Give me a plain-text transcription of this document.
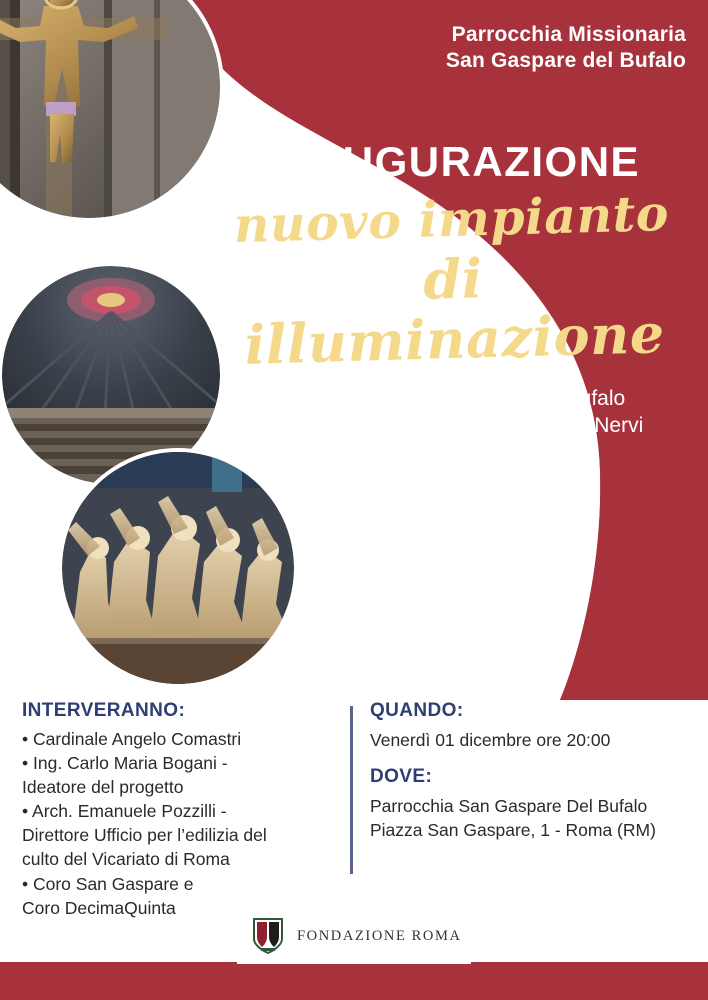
Parrocchia Missionaria
San Gaspare del Bufalo
INAUGURAZIONE
nuovo impianto
di illuminazione
della Chiesa San Gaspare del Bufalo
progettata dall’Ingegnere Pier Luigi Nervi
INTERVERANNO:
• Cardinale Angelo Comastri
• Ing. Carlo Maria Bogani -
Ideatore del progetto
• Arch. Emanuele Pozzilli -
Direttore Ufficio per l’edilizia del
culto del Vicariato di Roma
• Coro San Gaspare e
Coro DecimaQuinta
QUANDO:
Venerdì 01 dicembre ore 20:00
DOVE:
Parrocchia San Gaspare Del Bufalo
Piazza San Gaspare, 1 - Roma (RM)
FONDAZIONE ROMA
